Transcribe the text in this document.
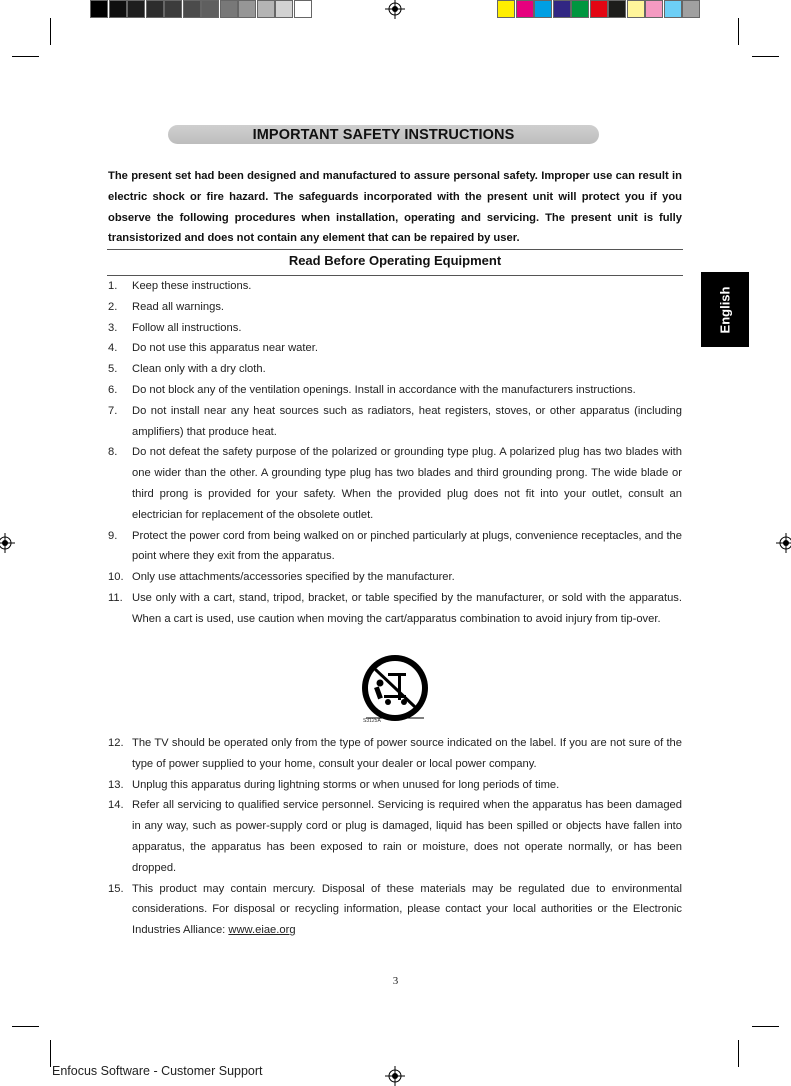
IMPORTANT SAFETY INSTRUCTIONS
The present set had been designed and manufactured to assure personal safety. Improper use can result in electric shock or fire hazard. The safeguards incorporated with the present unit will protect you if you observe the following procedures when installation, operating and servicing. The present unit is fully transistorized and does not contain any element that can be repaired by user.
Read Before Operating Equipment
English
1.	Keep these instructions.
2.	Read all warnings.
3.	Follow all instructions.
4.	Do not use this apparatus near water.
5.	Clean only with a dry cloth.
6.	Do not block any of the ventilation openings. Install in accordance with the manufacturers instructions.
7.	Do not install near any heat sources such as radiators, heat registers, stoves, or other apparatus (including amplifiers) that produce heat.
8.	Do not defeat the safety purpose of the polarized or grounding type plug. A polarized plug has two blades with one wider than the other. A grounding type plug has two blades and third grounding prong. The wide blade or third prong is provided for your safety. When the provided plug does not fit into your outlet, consult an electrician for replacement of the obsolete outlet.
9.	Protect the power cord from being walked on or pinched particularly at plugs, convenience receptacles, and the point where they exit from the apparatus.
10. Only use attachments/accessories specified by the manufacturer.
11. Use only with a cart, stand, tripod, bracket, or table specified by the manufacturer, or sold with the apparatus. When a cart is used, use caution when moving the cart/apparatus combination to avoid injury from tip-over.
S3125A
12. The TV should be operated only from the type of power source indicated on the label. If you are not sure of the type of power supplied to your home, consult your dealer or local power company.
13. Unplug this apparatus during lightning storms or when unused for long periods of time.
14. Refer all servicing to qualified service personnel. Servicing is required when the apparatus has been damaged in any way, such as power-supply cord or plug is damaged, liquid has been spilled or objects have fallen into apparatus, the apparatus has been exposed to rain or moisture, does not operate normally, or has been dropped.
15. This product may contain mercury. Disposal of these materials may be regulated due to environmental considerations. For disposal or recycling information, please contact your local authorities or the Electronic Industries Alliance: www.eiae.org
3
Enfocus Software - Customer Support
